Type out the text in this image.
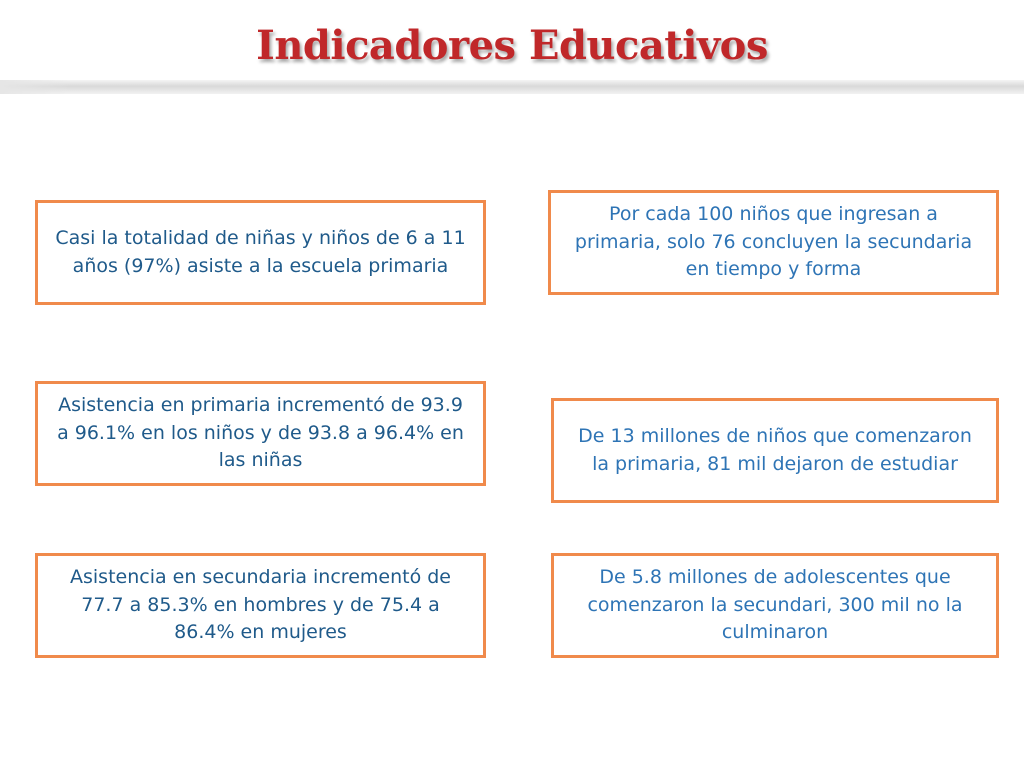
Indicadores Educativos
Casi la totalidad de niñas y niños de 6 a 11 años (97%) asiste a la escuela primaria
Asistencia en primaria incrementó de 93.9 a 96.1% en los niños y de 93.8 a 96.4% en las niñas
Asistencia en secundaria incrementó de 77.7 a 85.3% en hombres y de 75.4 a 86.4% en mujeres
Por cada 100 niños que ingresan a primaria, solo 76 concluyen la secundaria en tiempo y forma
De 13 millones de niños que comenzaron la primaria, 81 mil dejaron de estudiar
De 5.8 millones de adolescentes que comenzaron la secundari, 300 mil no la culminaron
